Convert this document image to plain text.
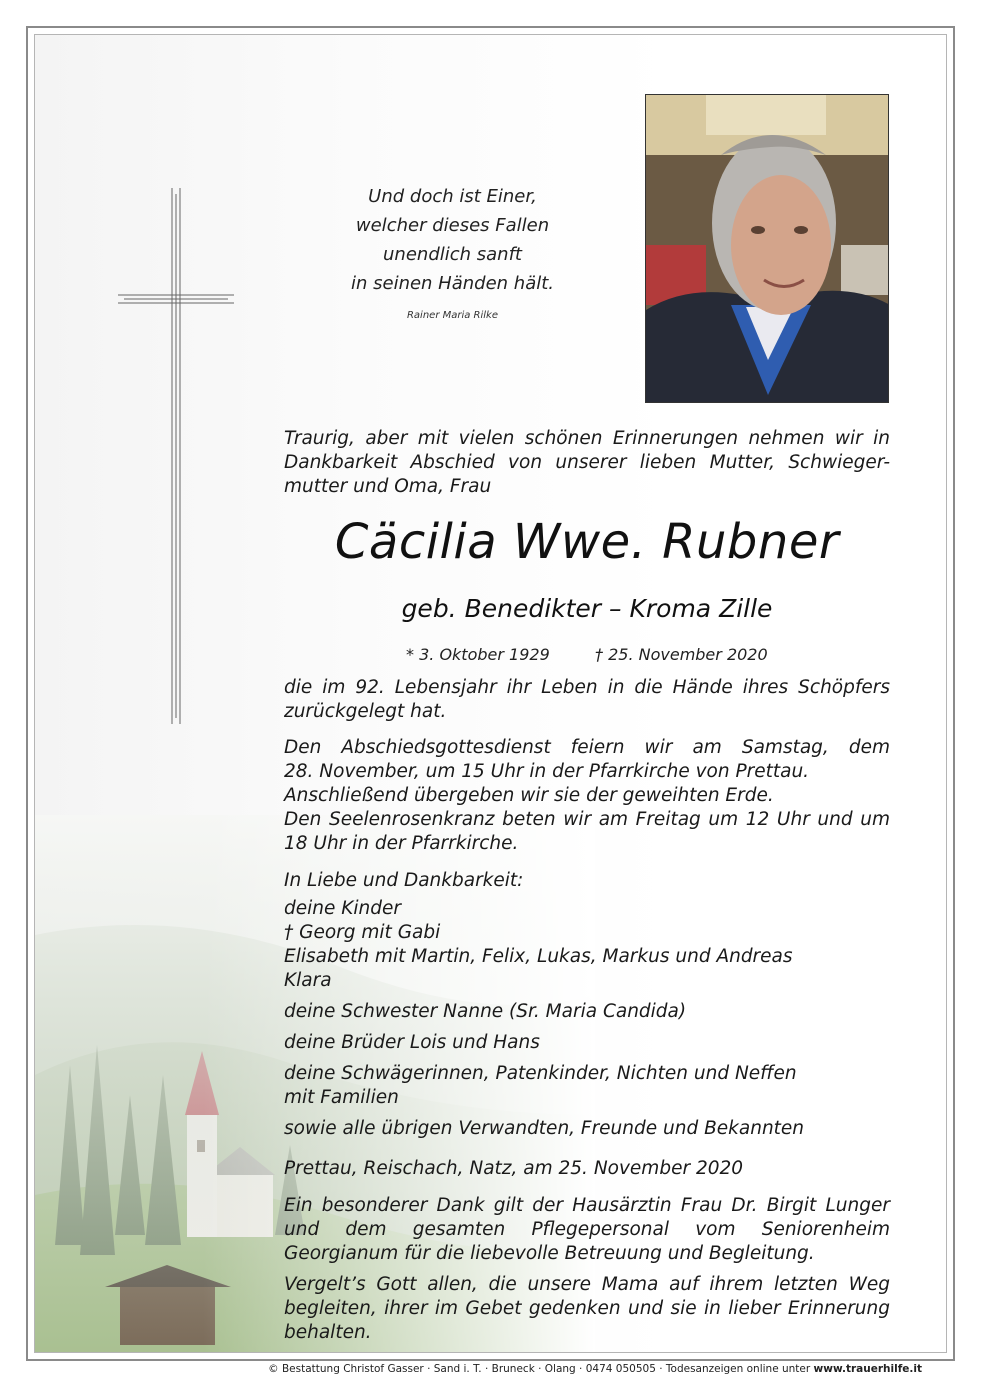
Und doch ist Einer,
welcher dieses Fallen
unendlich sanft
in seinen Händen hält.
Rainer Maria Rilke
Traurig, aber mit vielen schönen Erinnerungen nehmen wir in Dankbarkeit Abschied von unserer lieben Mutter, Schwieger-mutter und Oma, Frau
Cäcilia Wwe. Rubner
geb. Benedikter – Kroma Zille
* 3. Oktober 1929	† 25. November 2020
die im 92. Lebensjahr ihr Leben in die Hände ihres Schöpfers zurückgelegt hat.

Den Abschiedsgottesdienst feiern wir am Samstag, dem

28. November, um 15 Uhr in der Pfarrkirche von Prettau.

Anschließend übergeben wir sie der geweihten Erde.

Den Seelenrosenkranz beten wir am Freitag um 12 Uhr und um

18 Uhr in der Pfarrkirche.

In Liebe und Dankbarkeit:

deine Kinder

† Georg mit Gabi

Elisabeth mit Martin, Felix, Lukas, Markus und Andreas

Klara

deine Schwester Nanne (Sr. Maria Candida)

deine Brüder Lois und Hans

deine Schwägerinnen, Patenkinder, Nichten und Neffen

mit Familien

sowie alle übrigen Verwandten, Freunde und Bekannten

Prettau, Reischach, Natz, am 25. November 2020
Ein besonderer Dank gilt der Hausärztin Frau Dr. Birgit Lunger und dem gesamten Pflegepersonal vom Seniorenheim Georgianum für die liebevolle Betreuung und Begleitung.
Vergelt’s Gott allen, die unsere Mama auf ihrem letzten Weg begleiten, ihrer im Gebet gedenken und sie in lieber Erinnerung behalten.
© Bestattung Christof Gasser · Sand i. T. · Bruneck · Olang · 0474 050505 · Todesanzeigen online unter www.trauerhilfe.it
